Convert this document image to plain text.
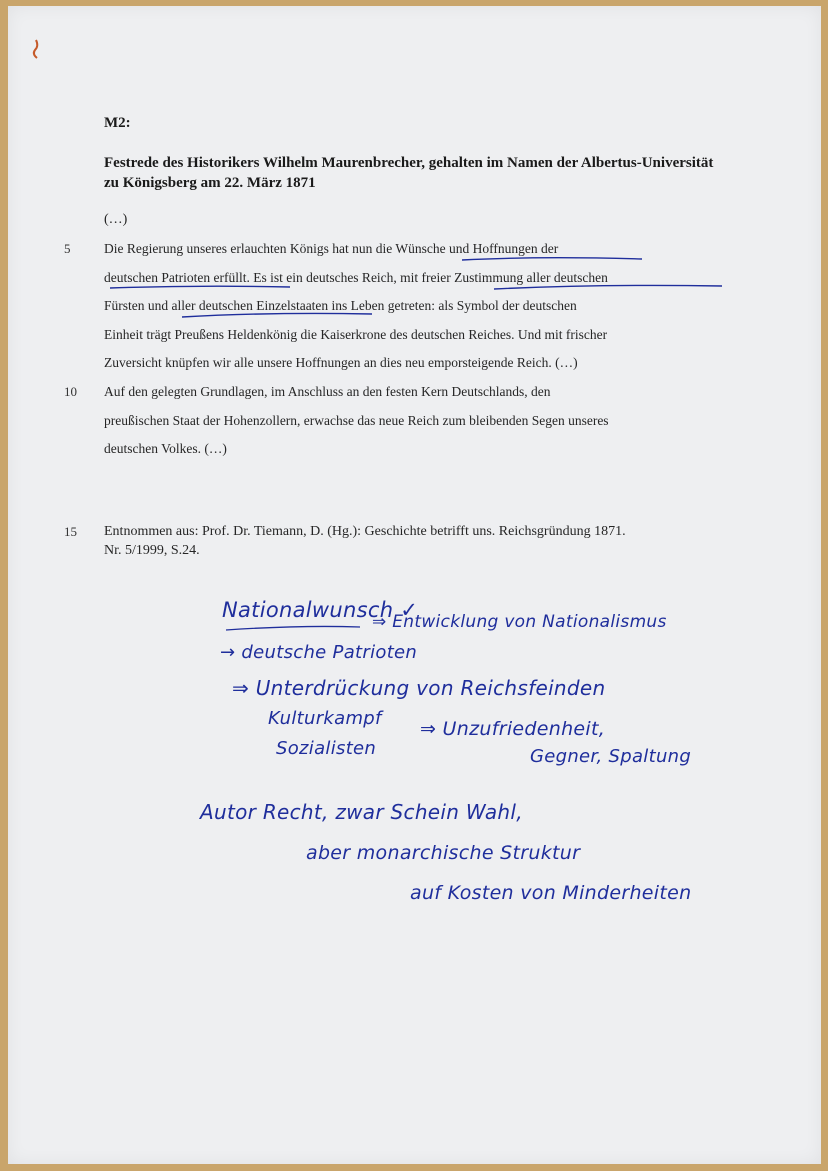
M2:
Festrede des Historikers Wilhelm Maurenbrecher, gehalten im Namen der Albertus-Universität zu Königsberg am 22. März 1871
(…)
5	Die Regierung unseres erlauchten Königs hat nun die Wünsche und Hoffnungen der
deutschen Patrioten erfüllt. Es ist ein deutsches Reich, mit freier Zustimmung aller deutschen
Fürsten und aller deutschen Einzelstaaten ins Leben getreten: als Symbol der deutschen
Einheit trägt Preußens Heldenkönig die Kaiserkrone des deutschen Reiches. Und mit frischer
Zuversicht knüpfen wir alle unsere Hoffnungen an dies neu emporsteigende Reich. (…)
10	Auf den gelegten Grundlagen, im Anschluss an den festen Kern Deutschlands, den
preußischen Staat der Hohenzollern, erwachse das neue Reich zum bleibenden Segen unseres
deutschen Volkes. (…)
15 Entnommen aus: Prof. Dr. Tiemann, D. (Hg.): Geschichte betrifft uns. Reichsgründung 1871.
Nr. 5/1999, S.24.
Nationalwunsch ✓
⇒ Entwicklung von Nationalismus
→ deutsche Patrioten
⇒ Unterdrückung von Reichsfeinden
Kulturkampf
Sozialisten
⇒ Unzufriedenheit,
Gegner, Spaltung
Autor Recht, zwar Schein Wahl,
aber monarchische Struktur
auf Kosten von Minderheiten
